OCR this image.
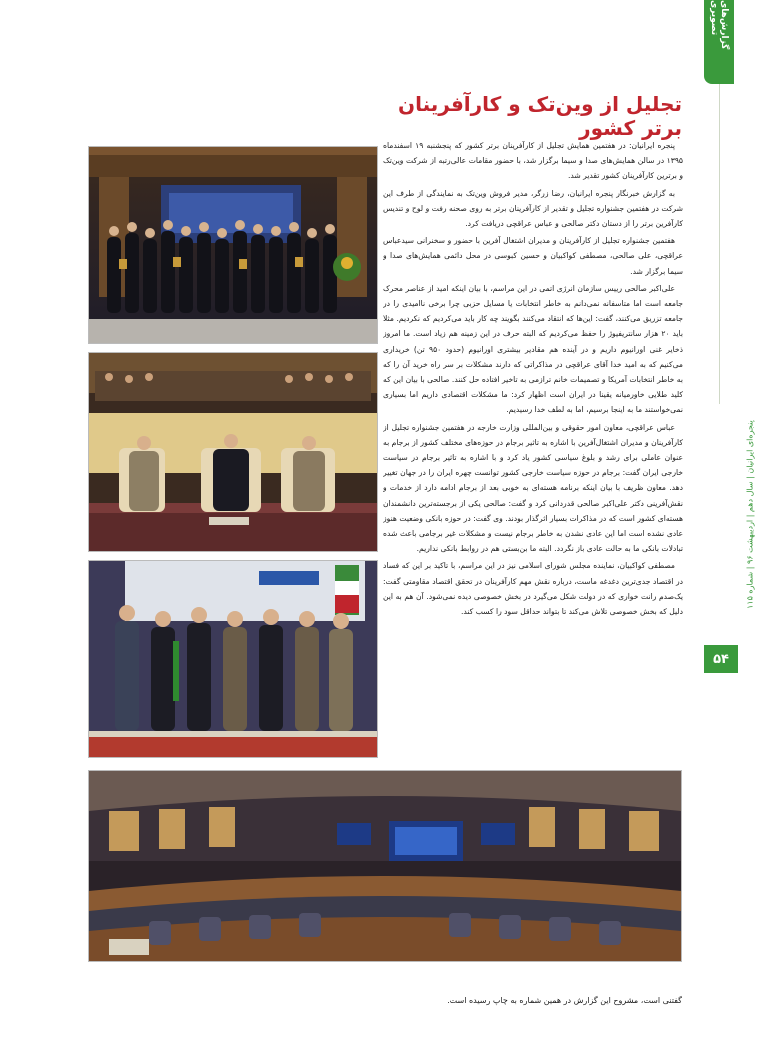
گزارش‌های تصویری
پنجره‌ای ایرانیان | سال دهم | اردیبهشت ۹۶ | شماره ۱۱۵
۵۴
تجلیل از وین‌تک و کارآفرینان برتر کشور

پنجره ایرانیان: در هفتمین همایش تجلیل از کارآفرینان برتر کشور که پنجشنبه ۱۹ اسفندماه ۱۳۹۵ در سالن همایش‌های صدا و سیما برگزار شد، با حضور مقامات عالی‌رتبه از شرکت وین‌تک و برترین کارآفرینان کشور تقدیر شد.

به گزارش خبرنگار پنجره ایرانیان، رضا زرگر، مدیر فروش وین‌تک به نمایندگی از طرف این شرکت در هفتمین جشنواره تجلیل و تقدیر از کارآفرینان برتر به روی صحنه رفت و لوح و تندیس کارآفرین برتر را از دستان دکتر صالحی و عباس عراقچی دریافت کرد.

هفتمین جشنواره تجلیل از کارآفرینان و مدیران اشتغال آفرین با حضور و سخنرانی سیدعباس عراقچی، علی صالحی، مصطفی کواکبیان و حسین کبوسی در محل دائمی همایش‌های صدا و سیما برگزار شد.

علی‌اکبر صالحی رییس سازمان انرژی اتمی در این مراسم، با بیان اینکه امید از عناصر محرک جامعه است اما متاسفانه نمی‌دانم به خاطر انتخابات یا مسایل حزبی چرا برخی ناامیدی را در جامعه تزریق می‌کنند، گفت: این‌ها که انتقاد می‌کنند بگویند چه کار باید می‌کردیم که نکردیم. مثلا باید ۲۰ هزار سانتریفیوژ را حفظ می‌کردیم که البته حرف در این زمینه هم زیاد است. ما امروز ذخایر غنی اورانیوم داریم و در آینده هم مقادیر بیشتری اورانیوم (حدود ۹۵۰ تن) خریداری می‌کنیم که به امید خدا آقای عراقچی در مذاکراتی که دارند مشکلات بر سر راه خرید آن را که به خاطر انتخابات آمریکا و تصمیمات خانم ترازمی به تاخیر افتاده حل کنند. صالحی با بیان این که کلید طلایی خاورمیانه یقینا در ایران است اظهار کرد: ما مشکلات اقتصادی داریم اما بسیاری نمی‌خواستند ما به اینجا برسیم، اما به لطف خدا رسیدیم.

عباس عراقچی، معاون امور حقوقی و بین‌المللی وزارت خارجه در هفتمین جشنواره تجلیل از کارآفرینان و مدیران اشتغال‌آفرین با اشاره به تاثیر برجام در حوزه‌های مختلف کشور از برجام به عنوان عاملی برای رشد و بلوغ سیاسی کشور یاد کرد و با اشاره به تاثیر برجام در سیاست خارجی ایران گفت: برجام در حوزه سیاست خارجی کشور توانست چهره ایران را در جهان تغییر دهد. معاون ظریف با بیان اینکه برنامه هسته‌ای به خوبی بعد از برجام ادامه دارد از خدمات و نقش‌آفرینی دکتر علی‌اکبر صالحی قدردانی کرد و گفت: صالحی یکی از برجسته‌ترین دانشمندان هسته‌ای کشور است که در مذاکرات بسیار اثرگذار بودند. وی گفت: در حوزه بانکی وضعیت هنوز عادی نشده است اما این عادی نشدن به خاطر برجام نیست و مشکلات غیر برجامی باعث شده تبادلات بانکی ما به حالت عادی باز نگردد. البته ما بن‌بستی هم در روابط بانکی نداریم.

مصطفی کواکبیان، نماینده مجلس شورای اسلامی نیز در این مراسم، با تاکید بر این که فساد در اقتصاد جدی‌ترین دغدغه ماست، درباره نقش مهم کارآفرینان در تحقق اقتصاد مقاومتی گفت: یک‌صدم رانت خواری که در دولت شکل می‌گیرد در بخش خصوصی دیده نمی‌شود. آن هم به این دلیل که بخش خصوصی تلاش می‌کند تا بتواند حداقل سود را کسب کند.

گفتنی است، مشروح این گزارش در همین شماره به چاپ رسیده است.
